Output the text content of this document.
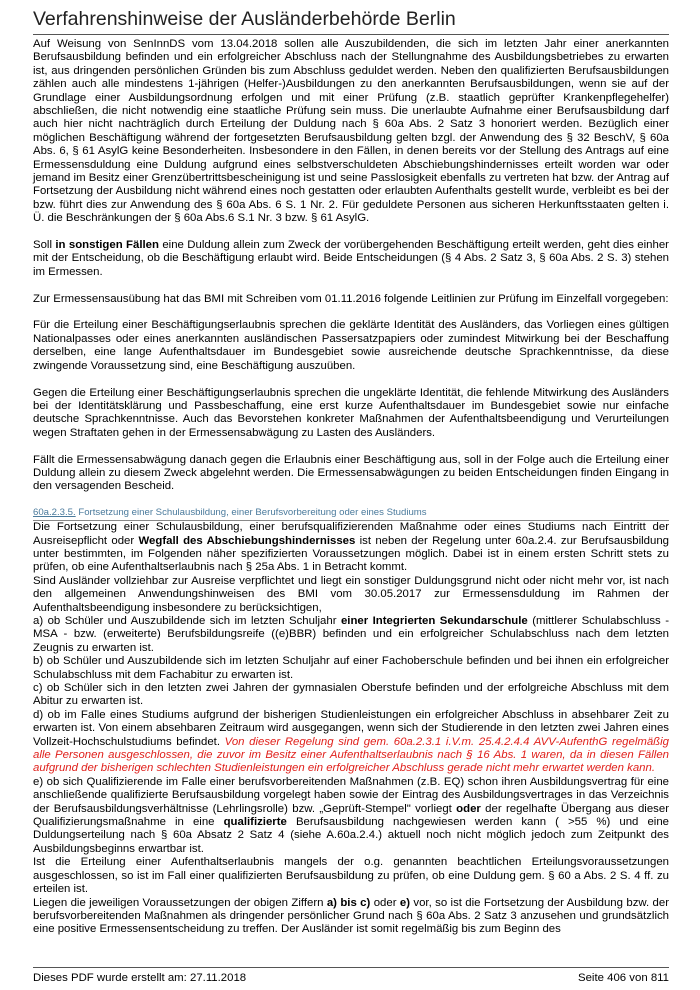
Verfahrenshinweise der Ausländerbehörde Berlin

Auf Weisung von SenInnDS vom 13.04.2018 sollen alle Auszubildenden, die sich im letzten Jahr einer anerkannten Berufsausbildung befinden und ein erfolgreicher Abschluss nach der Stellungnahme des Ausbildungsbetriebes zu erwarten ist, aus dringenden persönlichen Gründen bis zum Abschluss geduldet werden. Neben den qualifizierten Berufsausbildungen zählen auch alle mindestens 1-jährigen (Helfer-)Ausbildungen zu den anerkannten Berufsausbildungen, wenn sie auf der Grundlage einer Ausbildungsordnung erfolgen und mit einer Prüfung (z.B. staatlich geprüfter Krankenpflegehelfer) abschließen, die nicht notwendig eine staatliche Prüfung sein muss. Die unerlaubte Aufnahme einer Berufsausbildung darf auch hier nicht nachträglich durch Erteilung der Duldung nach § 60a Abs. 2 Satz 3 honoriert werden. Bezüglich einer möglichen Beschäftigung während der fortgesetzten Berufsausbildung gelten bzgl. der Anwendung des § 32 BeschV, § 60a Abs. 6, § 61 AsylG keine Besonderheiten. Insbesondere in den Fällen, in denen bereits vor der Stellung des Antrags auf eine Ermessensduldung eine Duldung aufgrund eines selbstverschuldeten Abschiebungshindernisses erteilt worden war oder jemand im Besitz einer Grenzübertrittsbescheinigung ist und seine Passlosigkeit ebenfalls zu vertreten hat bzw. der Antrag auf Fortsetzung der Ausbildung nicht während eines noch gestatten oder erlaubten Aufenthalts gestellt wurde, verbleibt es bei der bzw. führt dies zur Anwendung des § 60a Abs. 6 S. 1 Nr. 2. Für geduldete Personen aus sicheren Herkunftsstaaten gelten i. Ü. die Beschränkungen der § 60a Abs.6 S.1 Nr. 3 bzw. § 61 AsylG.

Soll in sonstigen Fällen eine Duldung allein zum Zweck der vorübergehenden Beschäftigung erteilt werden, geht dies einher mit der Entscheidung, ob die Beschäftigung erlaubt wird. Beide Entscheidungen (§ 4 Abs. 2 Satz 3, § 60a Abs. 2 S. 3) stehen im Ermessen.

Zur Ermessensausübung hat das BMI mit Schreiben vom 01.11.2016 folgende Leitlinien zur Prüfung im Einzelfall vorgegeben:

Für die Erteilung einer Beschäftigungserlaubnis sprechen die geklärte Identität des Ausländers, das Vorliegen eines gültigen Nationalpasses oder eines anerkannten ausländischen Passersatzpapiers oder zumindest Mitwirkung bei der Beschaffung derselben, eine lange Aufenthaltsdauer im Bundesgebiet sowie ausreichende deutsche Sprachkenntnisse, da diese zwingende Voraussetzung sind, eine Beschäftigung auszuüben.

Gegen die Erteilung einer Beschäftigungserlaubnis sprechen die ungeklärte Identität, die fehlende Mitwirkung des Ausländers bei der Identitätsklärung und Passbeschaffung, eine erst kurze Aufenthaltsdauer im Bundesgebiet sowie nur einfache deutsche Sprachkenntnisse. Auch das Bevorstehen konkreter Maßnahmen der Aufenthaltsbeendigung und Verurteilungen wegen Straftaten gehen in der Ermessensabwägung zu Lasten des Ausländers.

Fällt die Ermessensabwägung danach gegen die Erlaubnis einer Beschäftigung aus, soll in der Folge auch die Erteilung einer Duldung allein zu diesem Zweck abgelehnt werden. Die Ermessensabwägungen zu beiden Entscheidungen finden Eingang in den versagenden Bescheid.

60a.2.3.5. Fortsetzung einer Schulausbildung, einer Berufsvorbereitung oder eines Studiums

Die Fortsetzung einer Schulausbildung, einer berufsqualifizierenden Maßnahme oder eines Studiums nach Eintritt der Ausreisepflicht oder Wegfall des Abschiebungshindernisses ist neben der Regelung unter 60a.2.4. zur Berufsausbildung unter bestimmten, im Folgenden näher spezifizierten Voraussetzungen möglich. Dabei ist in einem ersten Schritt stets zu prüfen, ob eine Aufenthaltserlaubnis nach § 25a Abs. 1 in Betracht kommt.

Sind Ausländer vollziehbar zur Ausreise verpflichtet und liegt ein sonstiger Duldungsgrund nicht oder nicht mehr vor, ist nach den allgemeinen Anwendungshinweisen des BMI vom 30.05.2017 zur Ermessensduldung im Rahmen der Aufenthaltsbeendigung insbesondere zu berücksichtigen,

a) ob Schüler und Auszubildende sich im letzten Schuljahr einer Integrierten Sekundarschule (mittlerer Schulabschluss - MSA - bzw. (erweiterte) Berufsbildungsreife ((e)BBR) befinden und ein erfolgreicher Schulabschluss nach dem letzten Zeugnis zu erwarten ist.

b) ob Schüler und Auszubildende sich im letzten Schuljahr auf einer Fachoberschule befinden und bei ihnen ein erfolgreicher Schulabschluss mit dem Fachabitur zu erwarten ist.

c) ob Schüler sich in den letzten zwei Jahren der gymnasialen Oberstufe befinden und der erfolgreiche Abschluss mit dem Abitur zu erwarten ist.

d) ob im Falle eines Studiums aufgrund der bisherigen Studienleistungen ein erfolgreicher Abschluss in absehbarer Zeit zu erwarten ist. Von einem absehbaren Zeitraum wird ausgegangen, wenn sich der Studierende in den letzten zwei Jahren eines Vollzeit-Hochschulstudiums befindet. Von dieser Regelung sind gem. 60a.2.3.1 i.V.m. 25.4.2.4.4 AVV-AufenthG regelmäßig alle Personen ausgeschlossen, die zuvor im Besitz einer Aufenthaltserlaubnis nach § 16 Abs. 1 waren, da in diesen Fällen aufgrund der bisherigen schlechten Studienleistungen ein erfolgreicher Abschluss gerade nicht mehr erwartet werden kann.

e) ob sich Qualifizierende im Falle einer berufsvorbereitenden Maßnahmen (z.B. EQ) schon ihren Ausbildungsvertrag für eine anschließende qualifizierte Berufsausbildung vorgelegt haben sowie der Eintrag des Ausbildungsvertrages in das Verzeichnis der Berufsausbildungsverhältnisse (Lehrlingsrolle) bzw. „Geprüft-Stempel" vorliegt oder der regelhafte Übergang aus dieser Qualifizierungsmaßnahme in eine qualifizierte Berufsausbildung nachgewiesen werden kann ( >55 %) und eine Duldungserteilung nach § 60a Absatz 2 Satz 4 (siehe A.60a.2.4.) aktuell noch nicht möglich jedoch zum Zeitpunkt des Ausbildungsbeginns erwartbar ist.

Ist die Erteilung einer Aufenthaltserlaubnis mangels der o.g. genannten beachtlichen Erteilungsvoraussetzungen ausgeschlossen, so ist im Fall einer qualifizierten Berufsausbildung zu prüfen, ob eine Duldung gem. § 60 a Abs. 2 S. 4 ff. zu erteilen ist.

Liegen die jeweiligen Voraussetzungen der obigen Ziffern a) bis c) oder e) vor, so ist die Fortsetzung der Ausbildung bzw. der berufsvorbereitenden Maßnahmen als dringender persönlicher Grund nach § 60a Abs. 2 Satz 3 anzusehen und grundsätzlich eine positive Ermessensentscheidung zu treffen. Der Ausländer ist somit regelmäßig bis zum Beginn des

Dieses PDF wurde erstellt am: 27.11.2018	Seite 406 von 811
